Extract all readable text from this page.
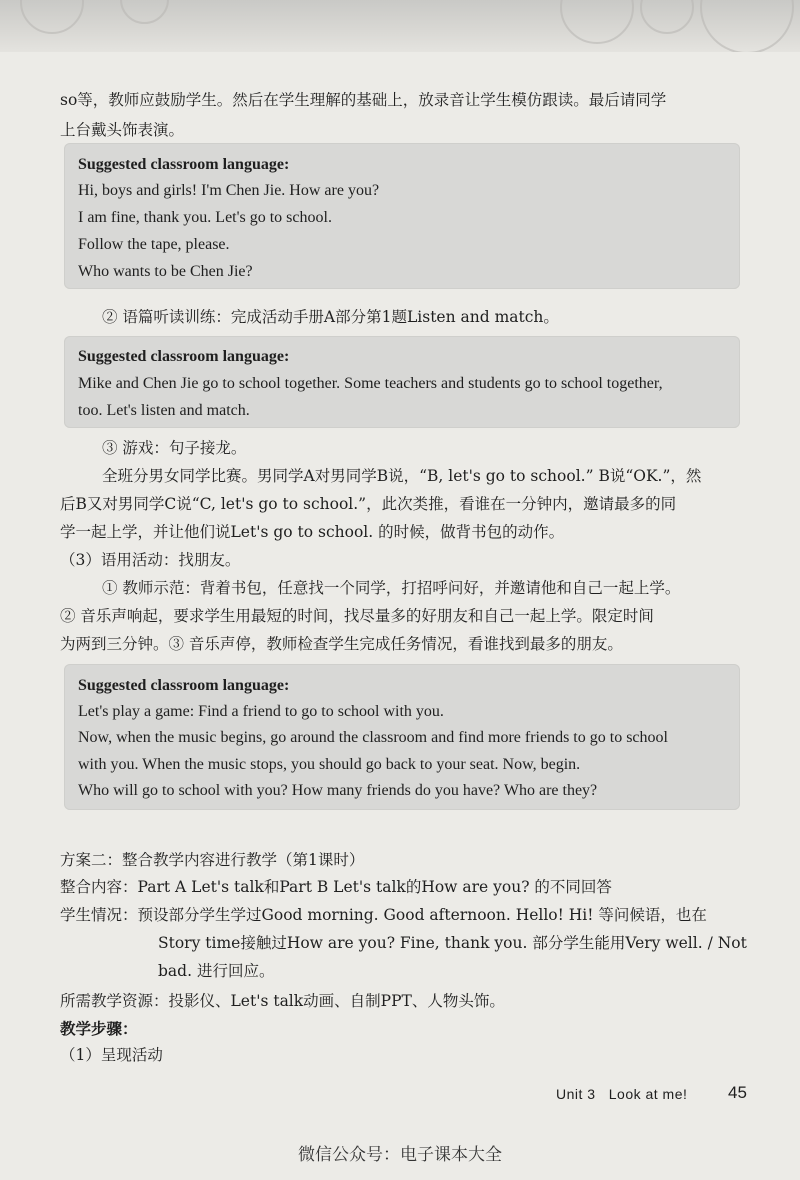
so等，教师应鼓励学生。然后在学生理解的基础上，放录音让学生模仿跟读。最后请同学
上台戴头饰表演。
Suggested classroom language:
Hi, boys and girls! I'm Chen Jie. How are you?
I am fine, thank you. Let's go to school.
Follow the tape, please.
Who wants to be Chen Jie?
② 语篇听读训练：完成活动手册A部分第1题Listen and match。
Suggested classroom language:
Mike and Chen Jie go to school together. Some teachers and students go to school together,
too. Let's listen and match.
③ 游戏：句子接龙。
全班分男女同学比赛。男同学A对男同学B说，“B, let's go to school.” B说“OK.”，然
后B又对男同学C说“C, let's go to school.”，此次类推，看谁在一分钟内，邀请最多的同
学一起上学，并让他们说Let's go to school. 的时候，做背书包的动作。
（3）语用活动：找朋友。
① 教师示范：背着书包，任意找一个同学，打招呼问好，并邀请他和自己一起上学。
② 音乐声响起，要求学生用最短的时间，找尽量多的好朋友和自己一起上学。限定时间
为两到三分钟。③ 音乐声停，教师检查学生完成任务情况，看谁找到最多的朋友。
Suggested classroom language:
Let's play a game: Find a friend to go to school with you.
Now, when the music begins, go around the classroom and find more friends to go to school
with you. When the music stops, you should go back to your seat. Now, begin.
Who will go to school with you? How many friends do you have? Who are they?
方案二：整合教学内容进行教学（第1课时）
整合内容：Part A Let's talk和Part B Let's talk的How are you? 的不同回答
学生情况：预设部分学生学过Good morning. Good afternoon. Hello! Hi! 等问候语，也在
Story time接触过How are you? Fine, thank you. 部分学生能用Very well. / Not
bad. 进行回应。
所需教学资源：投影仪、Let's talk动画、自制PPT、人物头饰。
教学步骤：
（1）呈现活动
Unit 3   Look at me! 45
微信公众号：电子课本大全
